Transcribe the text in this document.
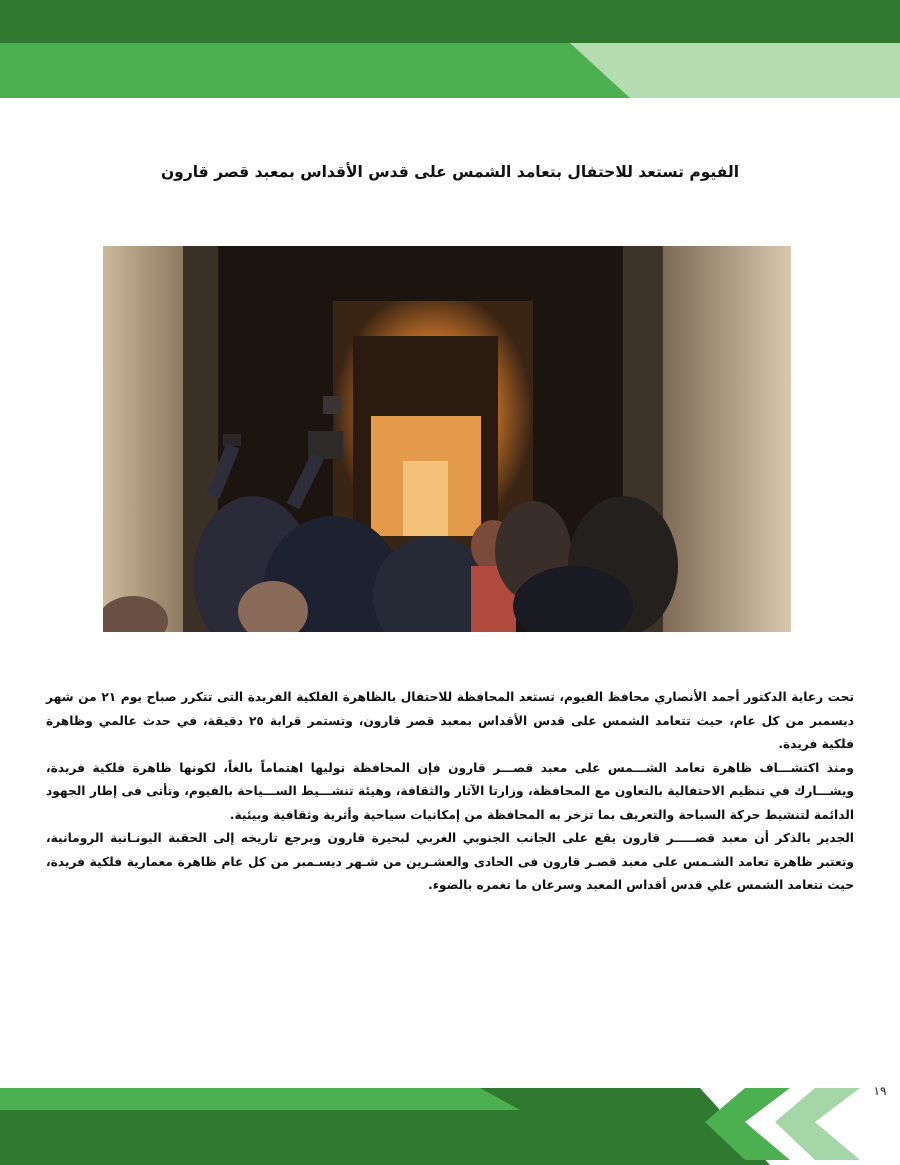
الفيوم تستعد للاحتفال بتعامد الشمس على قدس الأقداس بمعبد قصر قارون

تحت رعاية الدكتور أحمد الأنصاري محافظ الفيوم، تستعد المحافظة للاحتفال بالظاهرة الفلكية الفريدة التى تتكرر صباح يوم ٢١ من شهر ديسمبر من كل عام، حيث تتعامد الشمس على قدس الأقداس بمعبد قصر قارون، وتستمر قرابة ٢٥ دقيقة، في حدث عالمي وظاهرة فلكية فريدة.

ومنذ اكتشـــاف ظاهرة تعامد الشـــمس على معبد قصـــر قارون فإن المحافظة توليها اهتماماً بالغاً، لكونها ظاهرة فلكية فريدة، ويشـــارك في تنظيم الاحتفالية بالتعاون مع المحافظة، وزارتا الآثار والثقافة، وهيئة تنشـــيط الســـياحة بالفيوم، وتأتى فى إطار الجهود الدائمة لتنشيط حركة السياحة والتعريف بما تزخر به المحافظة من إمكانيات سياحية وأثرية وثقافية وبيئية.

الجدير بالذكر أن معبد قصـــــر قارون يقع على الجانب الجنوبي الغربي لبحيرة قارون ويرجع تاريخه إلى الحقبة اليونـانية الرومانية، وتعتبر ظاهرة تعامد الشـمس على معبد قصـر قارون فى الحادى والعشـرين من شـهر ديسـمبر من كل عام ظاهرة معمارية فلكية فريدة، حيث تتعامد الشمس علي قدس أقداس المعبد وسرعان ما تغمره بالضوء.

١٩
